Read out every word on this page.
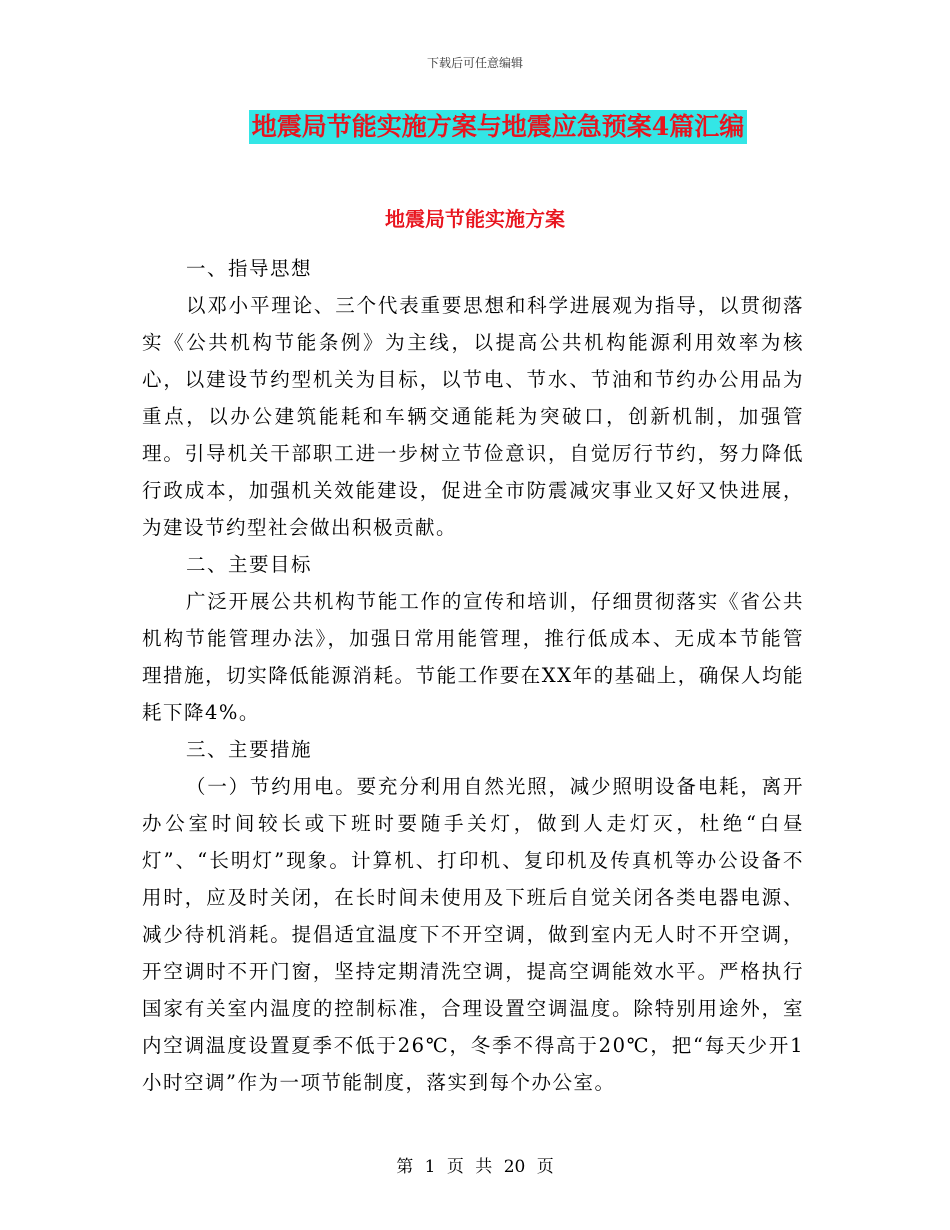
下载后可任意编辑
地震局节能实施方案与地震应急预案4篇汇编
地震局节能实施方案

一、指导思想

以邓小平理论、三个代表重要思想和科学进展观为指导，以贯彻落实《公共机构节能条例》为主线，以提高公共机构能源利用效率为核心，以建设节约型机关为目标，以节电、节水、节油和节约办公用品为重点，以办公建筑能耗和车辆交通能耗为突破口，创新机制，加强管理。引导机关干部职工进一步树立节俭意识，自觉厉行节约，努力降低行政成本，加强机关效能建设，促进全市防震减灾事业又好又快进展，为建设节约型社会做出积极贡献。

二、主要目标

广泛开展公共机构节能工作的宣传和培训，仔细贯彻落实《省公共机构节能管理办法》，加强日常用能管理，推行低成本、无成本节能管理措施，切实降低能源消耗。节能工作要在XX年的基础上，确保人均能耗下降4%。

三、主要措施

（一）节约用电。要充分利用自然光照，减少照明设备电耗，离开办公室时间较长或下班时要随手关灯，做到人走灯灭，杜绝“白昼灯”、“长明灯”现象。计算机、打印机、复印机及传真机等办公设备不用时，应及时关闭，在长时间未使用及下班后自觉关闭各类电器电源、减少待机消耗。提倡适宜温度下不开空调，做到室内无人时不开空调，开空调时不开门窗，坚持定期清洗空调，提高空调能效水平。严格执行国家有关室内温度的控制标准，合理设置空调温度。除特别用途外，室内空调温度设置夏季不低于26℃，冬季不得高于20℃，把“每天少开1小时空调”作为一项节能制度，落实到每个办公室。

第 1 页 共 20 页
